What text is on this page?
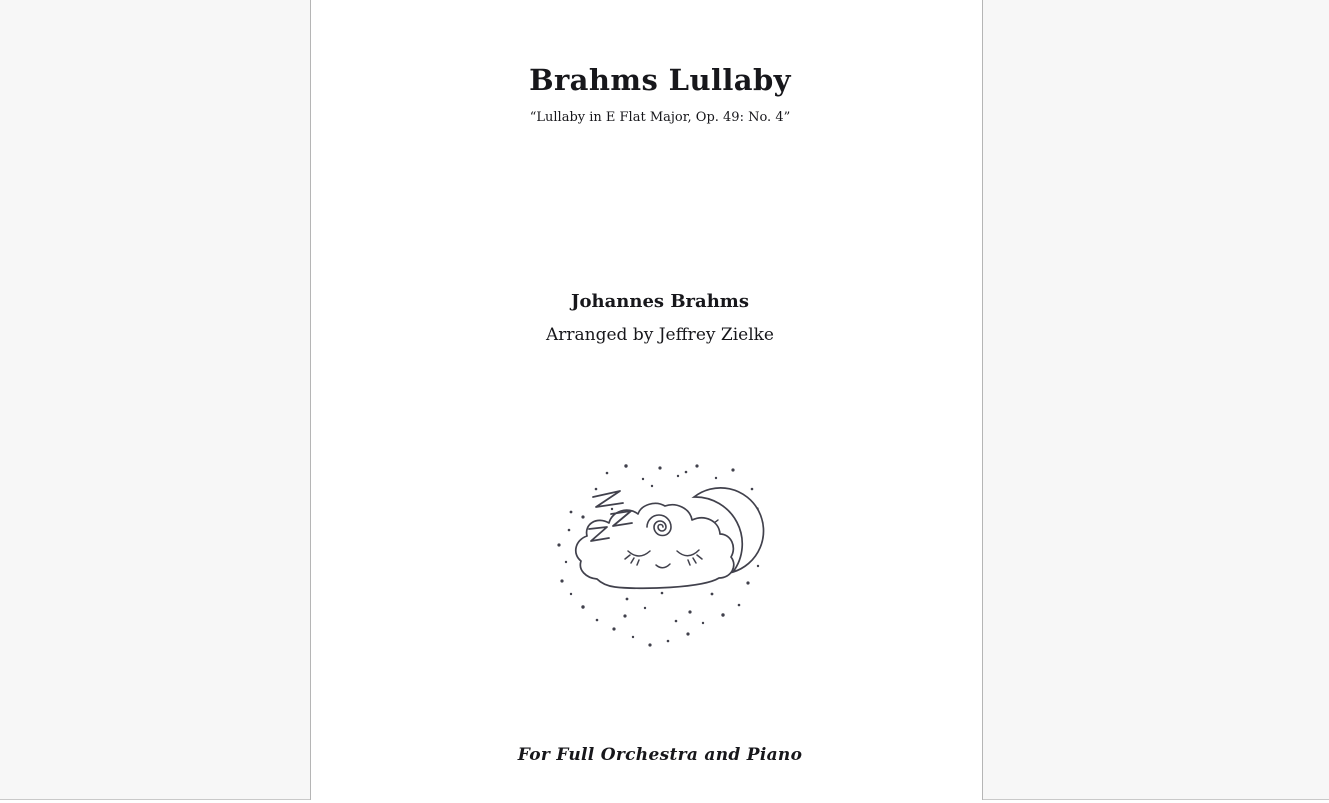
Brahms Lullaby
“Lullaby in E Flat Major, Op. 49: No. 4”
Johannes Brahms
Arranged by Jeffrey Zielke
For Full Orchestra and Piano
